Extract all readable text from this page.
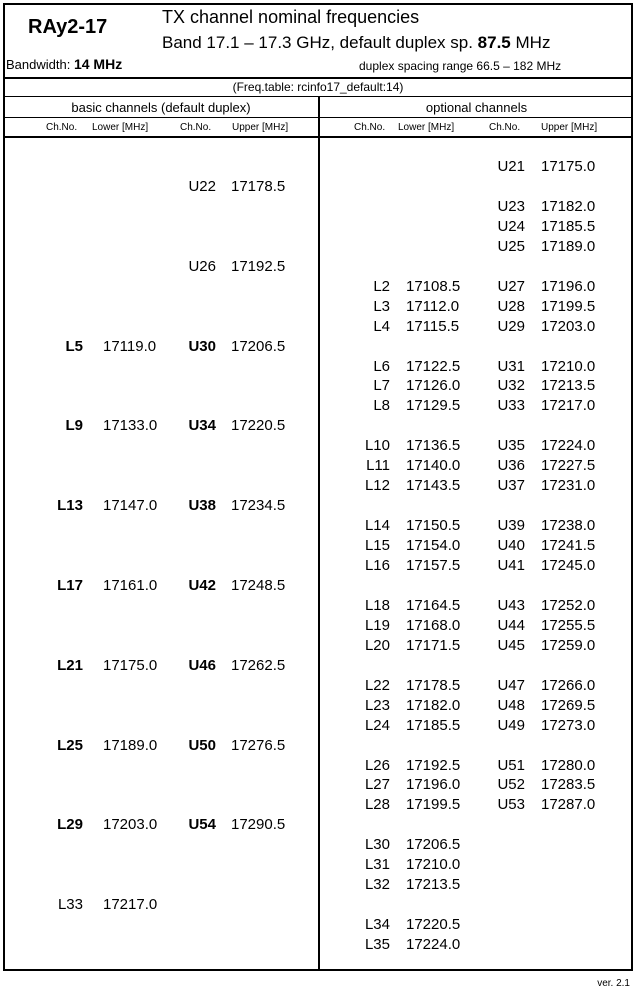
RAy2-17	TX channel nominal frequencies
Band 17.1 – 17.3 GHz, default duplex sp. 87.5 MHz
Bandwidth: 14 MHz	duplex spacing range 66.5 – 182 MHz
(Freq.table: rcinfo17_default:14)
basic channels (default duplex)	optional channels
Ch.No. Lower [MHz]	Ch.No. Upper [MHz]	Ch.No. Lower [MHz]	Ch.No. Upper [MHz]
U22 17178.5
U26 17192.5
L5 17119.0	U30 17206.5
L9 17133.0	U34 17220.5
L13 17147.0	U38 17234.5
L17 17161.0	U42 17248.5
L21 17175.0	U46 17262.5
L25 17189.0	U50 17276.5
L29 17203.0	U54 17290.5
L33 17217.0
U21 17175.0
U23 17182.0
U24 17185.5
U25 17189.0
L2 17108.5	U27 17196.0
L3 17112.0	U28 17199.5
L4 17115.5	U29 17203.0
L6 17122.5	U31 17210.0
L7 17126.0	U32 17213.5
L8 17129.5	U33 17217.0
L10 17136.5	U35 17224.0
L11 17140.0	U36 17227.5
L12 17143.5	U37 17231.0
L14 17150.5	U39 17238.0
L15 17154.0	U40 17241.5
L16 17157.5	U41 17245.0
L18 17164.5	U43 17252.0
L19 17168.0	U44 17255.5
L20 17171.5	U45 17259.0
L22 17178.5	U47 17266.0
L23 17182.0	U48 17269.5
L24 17185.5	U49 17273.0
L26 17192.5	U51 17280.0
L27 17196.0	U52 17283.5
L28 17199.5	U53 17287.0
L30 17206.5
L31 17210.0
L32 17213.5
L34 17220.5
L35 17224.0
ver. 2.1
